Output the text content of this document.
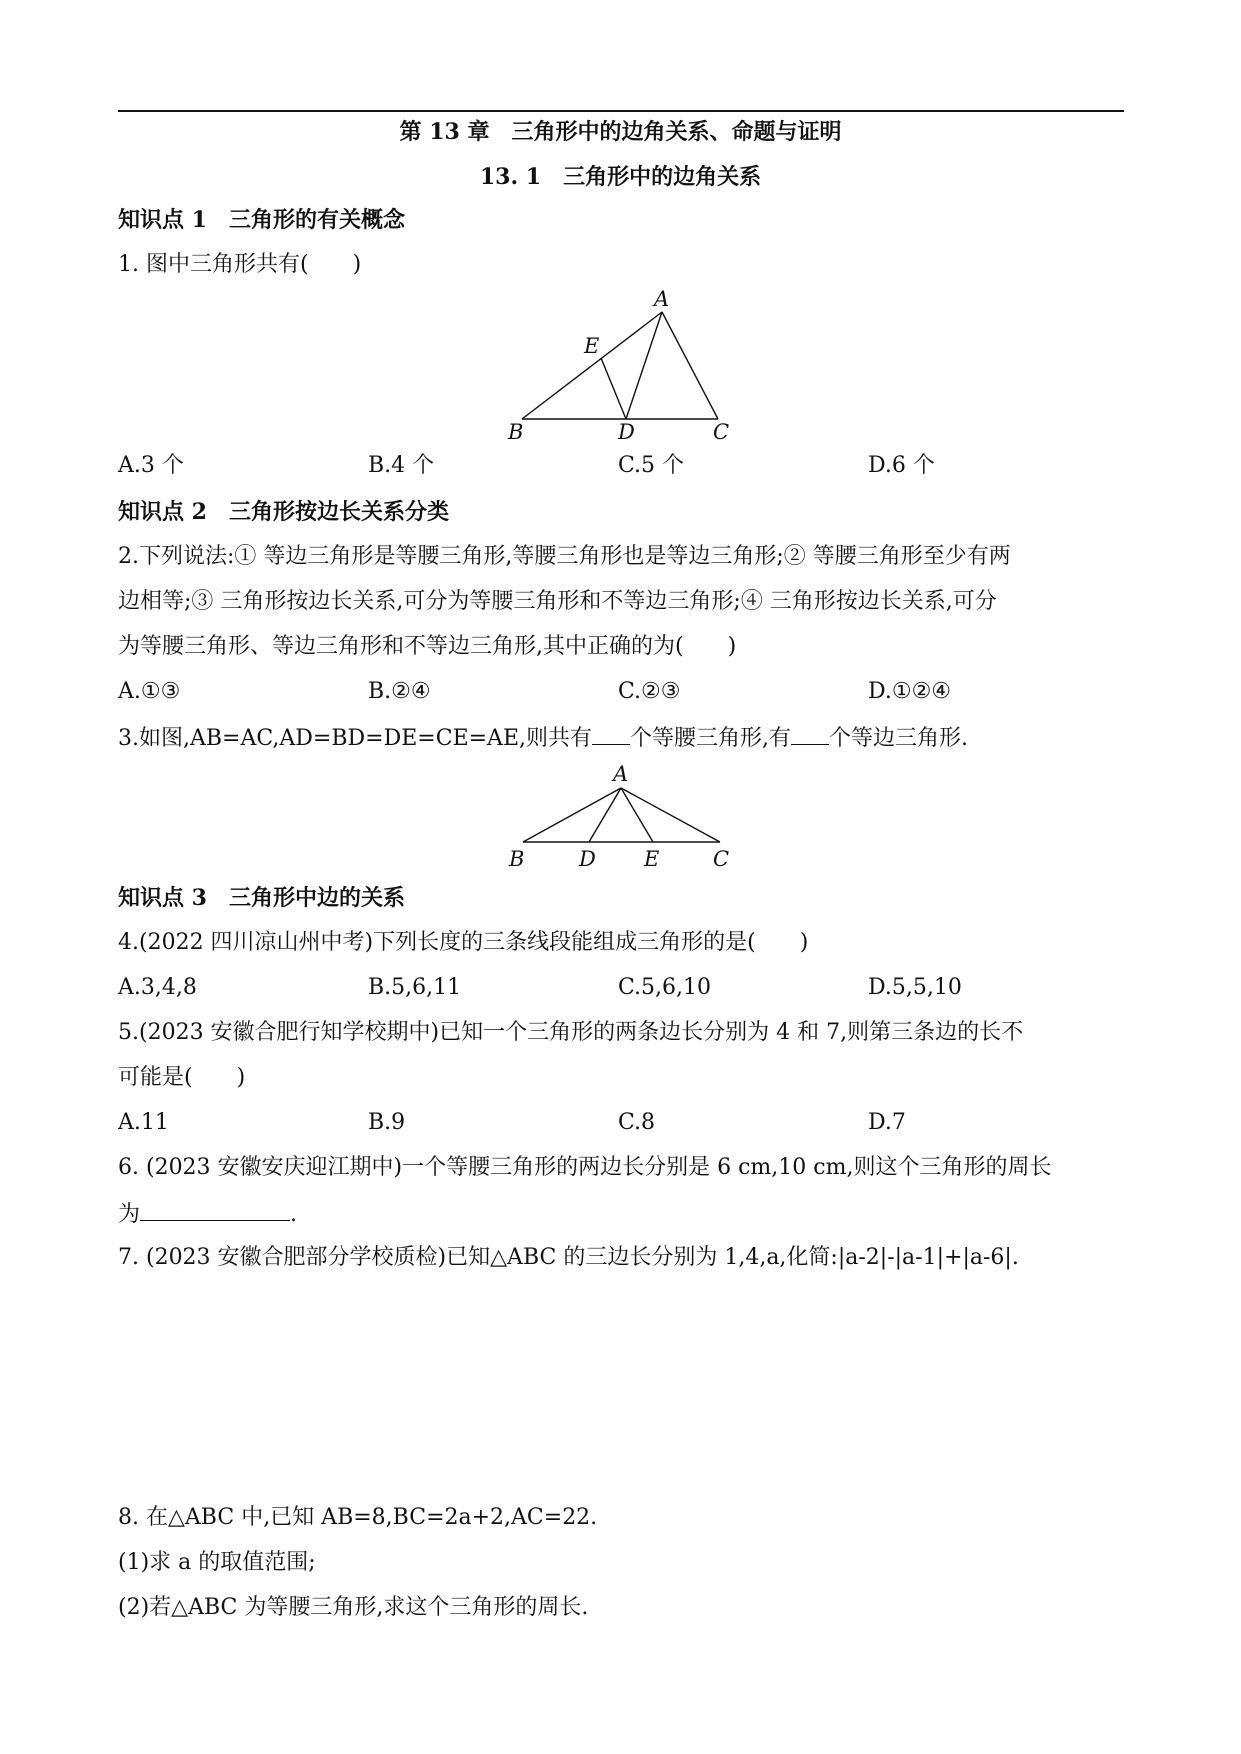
第 13 章　三角形中的边角关系、命题与证明
13. 1　三角形中的边角关系
知识点 1　三角形的有关概念
1. 图中三角形共有(　　)
A
E
B	D	C
A.3 个	B.4 个	C.5 个	D.6 个
知识点 2　三角形按边长关系分类
2.下列说法:① 等边三角形是等腰三角形,等腰三角形也是等边三角形;② 等腰三角形至少有两
边相等;③ 三角形按边长关系,可分为等腰三角形和不等边三角形;④ 三角形按边长关系,可分
为等腰三角形、等边三角形和不等边三角形,其中正确的为(　　)
A.①③	B.②④	C.②③	D.①②④
3.如图,AB=AC,AD=BD=DE=CE=AE,则共有 个等腰三角形,有 个等边三角形.
A
B	D E	C
知识点 3　三角形中边的关系
4.(2022 四川凉山州中考)下列长度的三条线段能组成三角形的是(　　)
A.3,4,8	B.5,6,11	C.5,6,10	D.5,5,10
5.(2023 安徽合肥行知学校期中)已知一个三角形的两条边长分别为 4 和 7,则第三条边的长不
可能是(　　)
A.11	B.9	C.8	D.7
6. (2023 安徽安庆迎江期中)一个等腰三角形的两边长分别是 6 cm,10 cm,则这个三角形的周长
为	.
7. (2023 安徽合肥部分学校质检)已知△ABC 的三边长分别为 1,4,a,化简:|a-2|-|a-1|+|a-6|.
8. 在△ABC 中,已知 AB=8,BC=2a+2,AC=22.
(1)求 a 的取值范围;
(2)若△ABC 为等腰三角形,求这个三角形的周长.
